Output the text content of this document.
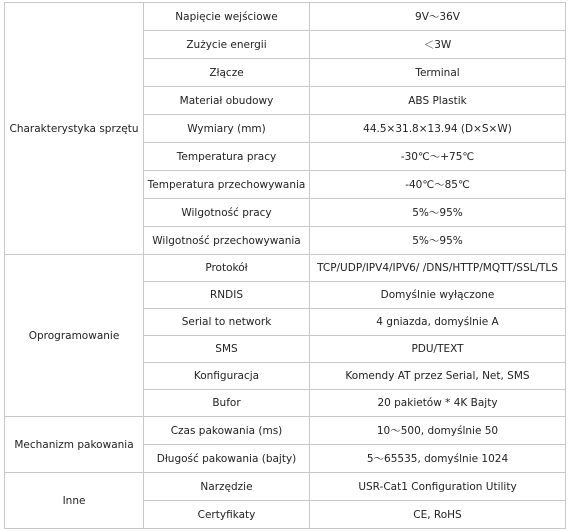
Charakterystyka sprzętu	Napięcie wejściowe	9V～36V
	Zużycie energii	＜3W
	Złącze	Terminal
	Materiał obudowy	ABS Plastik
	Wymiary (mm)	44.5×31.8×13.94 (D×S×W)
	Temperatura pracy	-30℃～+75℃
	Temperatura przechowywania	-40℃～85℃
	Wilgotność pracy	5%～95%
	Wilgotność przechowywania	5%～95%
Oprogramowanie	Protokół	TCP/UDP/IPV4/IPV6/ /DNS/HTTP/MQTT/SSL/TLS
	RNDIS	Domyślnie wyłączone
	Serial to network	4 gniazda, domyślnie A
	SMS	PDU/TEXT
	Konfiguracja	Komendy AT przez Serial, Net, SMS
	Bufor	20 pakietów * 4K Bajty
Mechanizm pakowania	Czas pakowania (ms)	10～500, domyślnie 50
	Długość pakowania (bajty)	5～65535, domyślnie 1024
Inne	Narzędzie	USR-Cat1 Configuration Utility
	Certyfikaty	CE, RoHS
